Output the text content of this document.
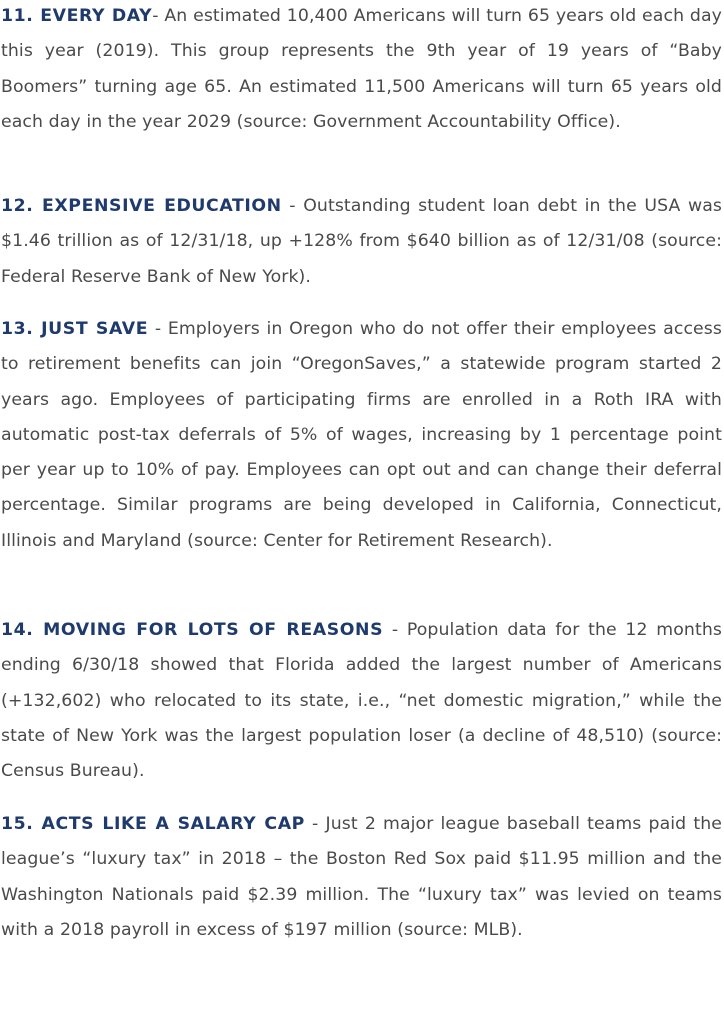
11. EVERY DAY- An estimated 10,400 Americans will turn 65 years old each day this year (2019). This group represents the 9th year of 19 years of “Baby Boomers” turning age 65. An estimated 11,500 Americans will turn 65 years old each day in the year 2029 (source: Government Accountability Office).

12. EXPENSIVE EDUCATION - Outstanding student loan debt in the USA was $1.46 trillion as of 12/31/18, up +128% from $640 billion as of 12/31/08 (source: Federal Reserve Bank of New York).

13. JUST SAVE - Employers in Oregon who do not offer their employees access to retirement benefits can join “OregonSaves,” a statewide program started 2 years ago. Employees of participating firms are enrolled in a Roth IRA with automatic post-tax deferrals of 5% of wages, increasing by 1 percentage point per year up to 10% of pay. Employees can opt out and can change their deferral percentage. Similar programs are being developed in California, Connecticut, Illinois and Maryland (source: Center for Retirement Research).

14. MOVING FOR LOTS OF REASONS - Population data for the 12 months ending 6/30/18 showed that Florida added the largest number of Americans (+132,602) who relocated to its state, i.e., “net domestic migration,” while the state of New York was the largest population loser (a decline of 48,510) (source: Census Bureau).

15. ACTS LIKE A SALARY CAP - Just 2 major league baseball teams paid the league’s “luxury tax” in 2018 – the Boston Red Sox paid $11.95 million and the Washington Nationals paid $2.39 million. The “luxury tax” was levied on teams with a 2018 payroll in excess of $197 million (source: MLB).
